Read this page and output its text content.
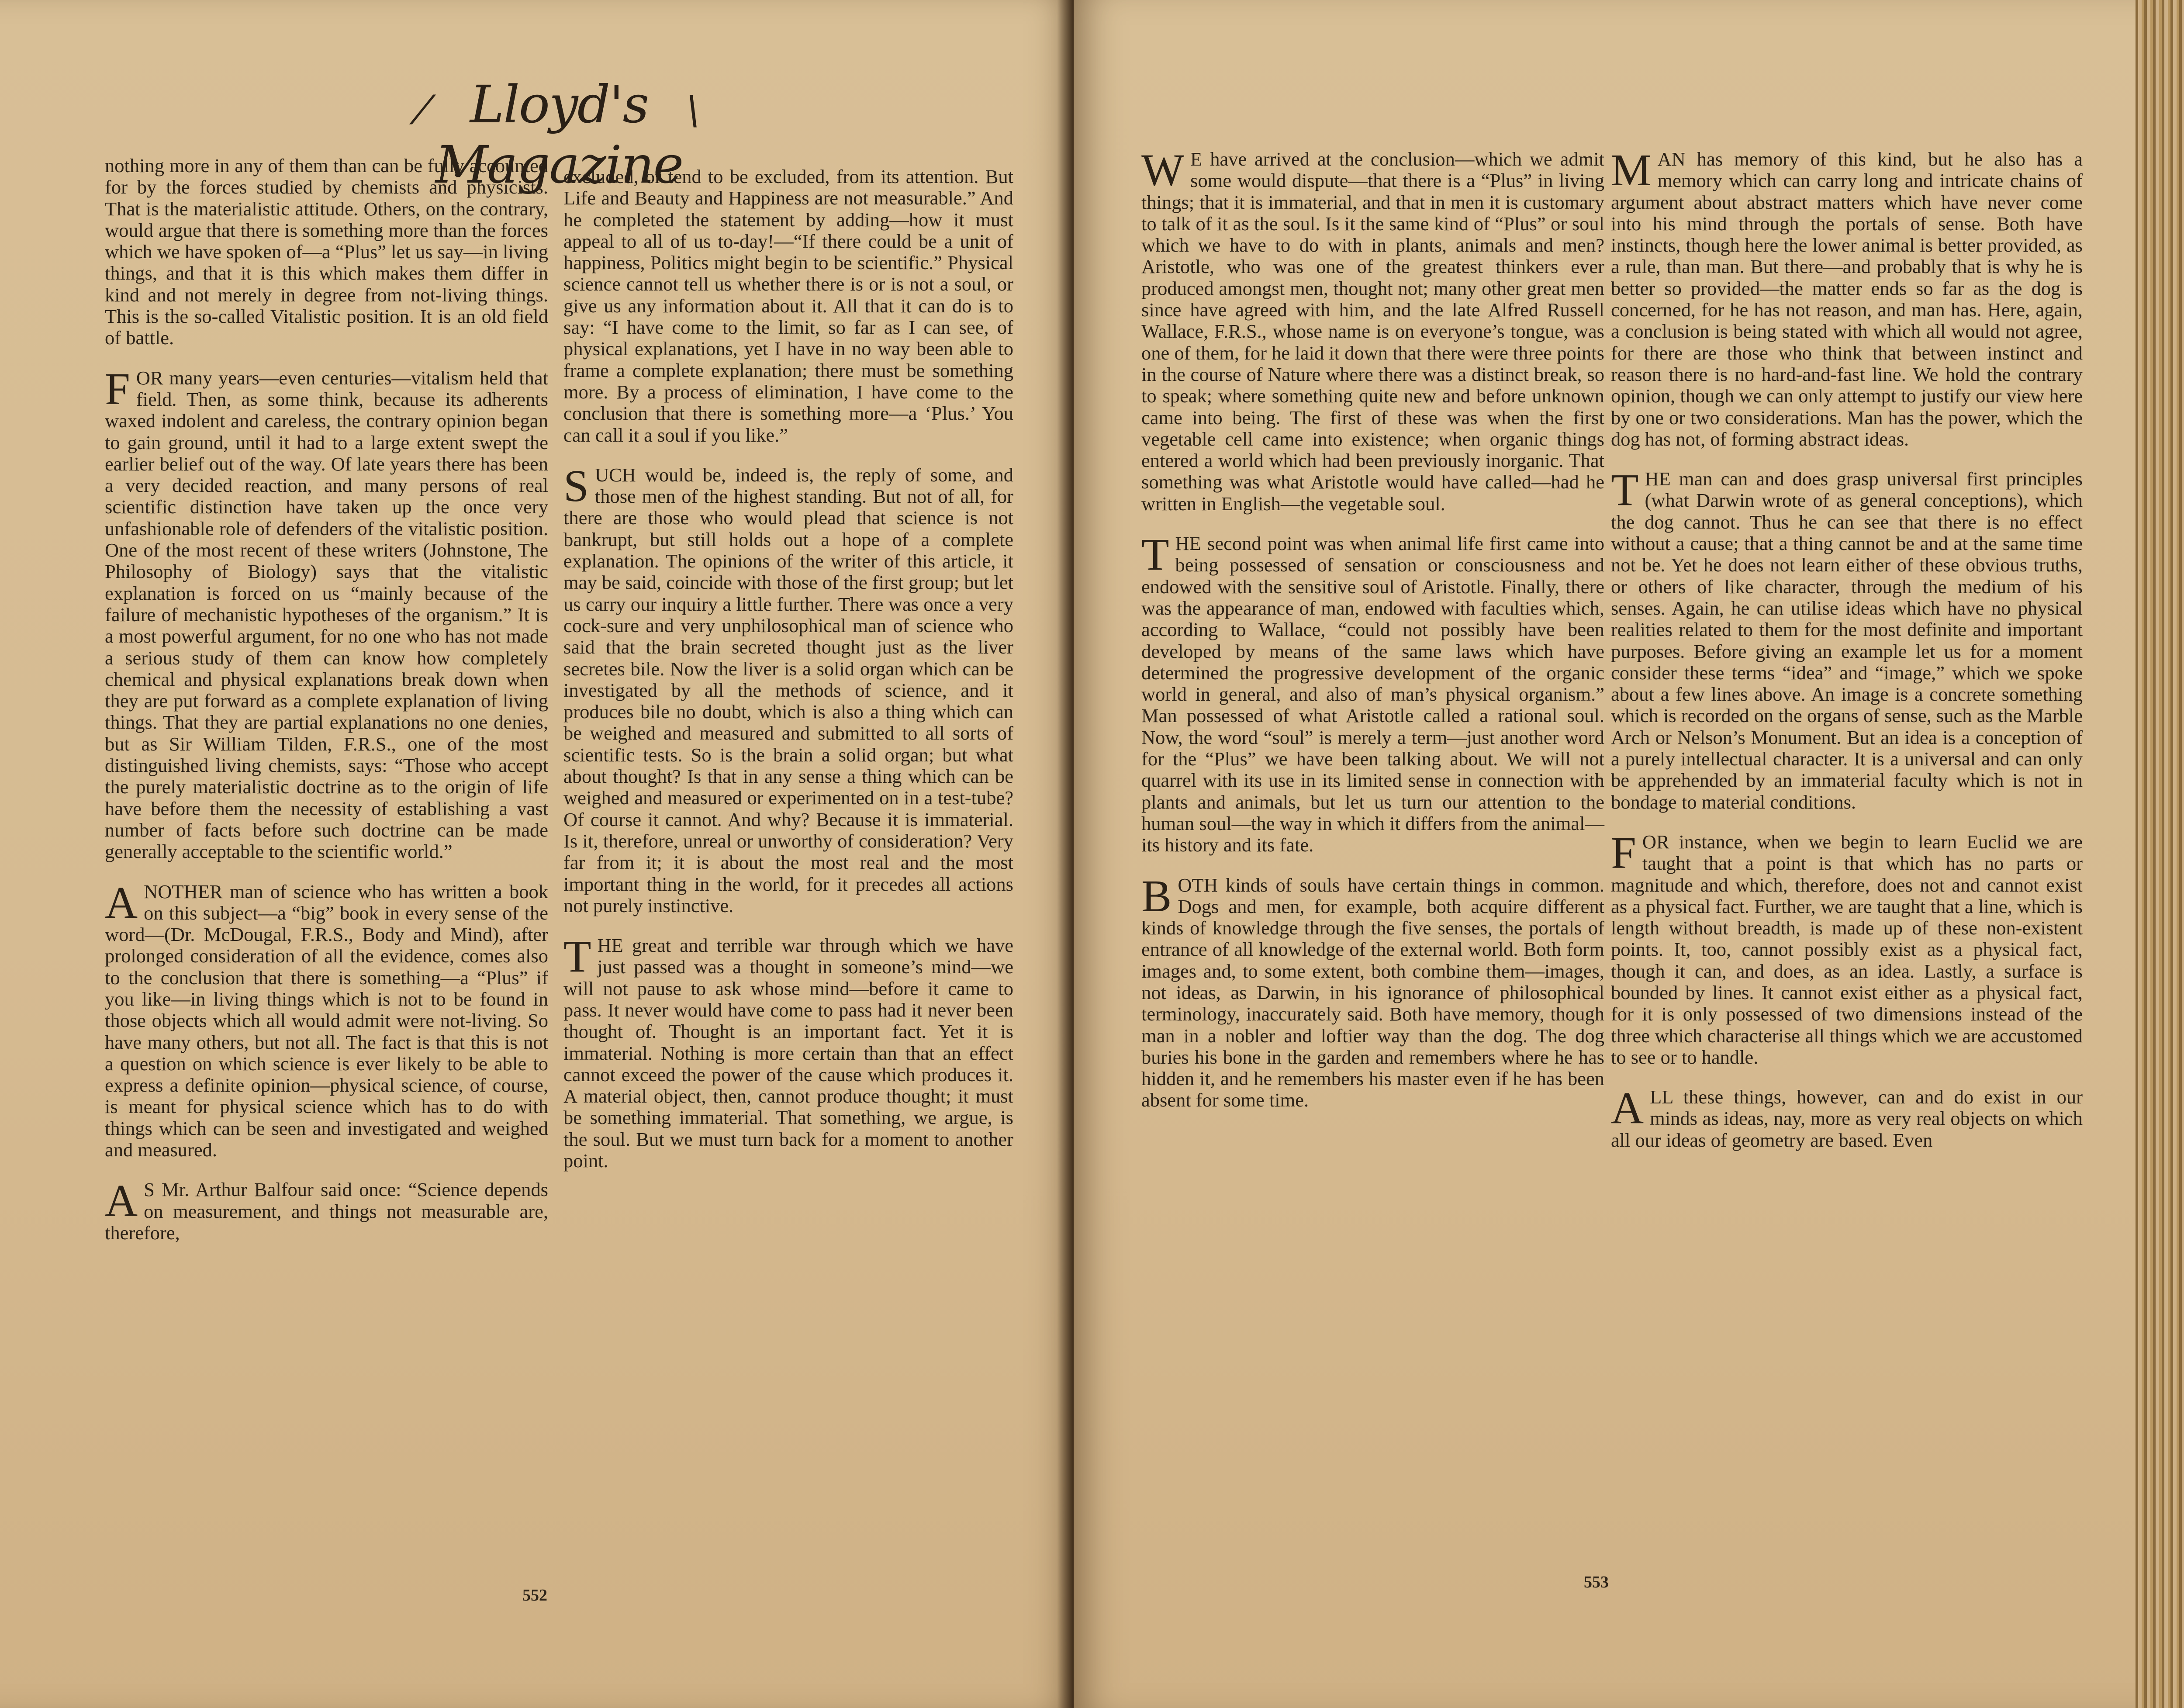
⁄ Lloyd's Magazine
\

nothing more in any of them than can be fully accounted for by the forces studied by chemists and physicists. That is the materialistic attitude. Others, on the contrary, would argue that there is something more than the forces which we have spoken of—a “Plus” let us say—in living things, and that it is this which makes them differ in kind and not merely in degree from not-living things. This is the so-called Vitalistic position. It is an old field of battle.

FOR many years—even centuries—vitalism held that field. Then, as some think, because its adherents waxed indolent and careless, the contrary opinion began to gain ground, until it had to a large extent swept the earlier belief out of the way. Of late years there has been a very decided reaction, and many persons of real scientific distinction have taken up the once very unfashionable role of defenders of the vitalistic position. One of the most recent of these writers (Johnstone, The Philosophy of Biology) says that the vitalistic explanation is forced on us “mainly because of the failure of mechanistic hypotheses of the organism.” It is a most powerful argument, for no one who has not made a serious study of them can know how completely chemical and physical explanations break down when they are put forward as a complete explanation of living things. That they are partial explanations no one denies, but as Sir William Tilden, F.R.S., one of the most distinguished living chemists, says: “Those who accept the purely materialistic doctrine as to the origin of life have before them the necessity of establishing a vast number of facts before such doctrine can be made generally acceptable to the scientific world.”

ANOTHER man of science who has written a book on this subject—a “big” book in every sense of the word—(Dr. McDougal, F.R.S., Body and Mind), after prolonged consideration of all the evidence, comes also to the conclusion that there is something—a “Plus” if you like—in living things which is not to be found in those objects which all would admit were not-living. So have many others, but not all. The fact is that this is not a question on which science is ever likely to be able to express a definite opinion—physical science, of course, is meant for physical science which has to do with things which can be seen and investigated and weighed and measured.

A S Mr. Arthur Balfour said once: “Science depends on measurement, and things not measurable are, therefore,

excluded, or tend to be excluded, from its attention. But Life and Beauty and Happiness are not measurable.” And he completed the statement by adding—how it must appeal to all of us to-day!—“If there could be a unit of happiness, Politics might begin to be scientific.” Physical science cannot tell us whether there is or is not a soul, or give us any information about it. All that it can do is to say: “I have come to the limit, so far as I can see, of physical explanations, yet I have in no way been able to frame a complete explanation; there must be something more. By a process of elimination, I have come to the conclusion that there is something more—a ‘Plus.’ You can call it a soul if you like.”

SUCH would be, indeed is, the reply of some, and those men of the highest standing. But not of all, for there are those who would plead that science is not bankrupt, but still holds out a hope of a complete explanation. The opinions of the writer of this article, it may be said, coincide with those of the first group; but let us carry our inquiry a little further. There was once a very cock-sure and very unphilosophical man of science who said that the brain secreted thought just as the liver secretes bile. Now the liver is a solid organ which can be investigated by all the methods of science, and it produces bile no doubt, which is also a thing which can be weighed and measured and submitted to all sorts of scientific tests. So is the brain a solid organ; but what about thought? Is that in any sense a thing which can be weighed and measured or experimented on in a test-tube? Of course it cannot. And why? Because it is immaterial. Is it, therefore, unreal or unworthy of consideration? Very far from it; it is about the most real and the most important thing in the world, for it precedes all actions not purely instinctive.

THE great and terrible war through which we have just passed was a thought in someone’s mind—we will not pause to ask whose mind—before it came to pass. It never would have come to pass had it never been thought of. Thought is an important fact. Yet it is immaterial. Nothing is more certain than that an effect cannot exceed the power of the cause which produces it. A material object, then, cannot produce thought; it must be something immaterial. That something, we argue, is the soul. But we must turn back for a moment to another point.

552

W E have arrived at the conclusion—which we admit some would dispute—that there is a “Plus” in living things; that it is immaterial, and that in men it is customary to talk of it as the soul. Is it the same kind of “Plus” or soul which we have to do with in plants, animals and men? Aristotle, who was one of the greatest thinkers ever produced amongst men, thought not; many other great men since have agreed with him, and the late Alfred Russell Wallace, F.R.S., whose name is on everyone’s tongue, was one of them, for he laid it down that there were three points in the course of Nature where there was a distinct break, so to speak; where something quite new and before unknown came into being. The first of these was when the first vegetable cell came into existence; when organic things entered a world which had been previously inorganic. That something was what Aristotle would have called—had he written in English—the vegetable soul.

THE second point was when animal life first came into being possessed of sensation or consciousness and endowed with the sensitive soul of Aristotle. Finally, there was the appearance of man, endowed with faculties which, according to Wallace, “could not possibly have been developed by means of the same laws which have determined the progressive development of the organic world in general, and also of man’s physical organism.” Man possessed of what Aristotle called a rational soul. Now, the word “soul” is merely a term—just another word for the “Plus” we have been talking about. We will not quarrel with its use in its limited sense in connection with plants and animals, but let us turn our attention to the human soul—the way in which it differs from the animal—its history and its fate.

BOTH kinds of souls have certain things in common. Dogs and men, for example, both acquire different kinds of knowledge through the five senses, the portals of entrance of all knowledge of the external world. Both form images and, to some extent, both combine them—images, not ideas, as Darwin, in his ignorance of philosophical terminology, inaccurately said. Both have memory, though man in a nobler and loftier way than the dog. The dog buries his bone in the garden and remembers where he has hidden it, and he remembers his master even if he has been absent for some time.

MAN has memory of this kind, but he also has a memory which can carry long and intricate chains of argument about abstract matters which have never come into his mind through the portals of sense. Both have instincts, though here the lower animal is better provided, as a rule, than man. But there—and probably that is why he is better so provided—the matter ends so far as the dog is concerned, for he has not reason, and man has. Here, again, a conclusion is being stated with which all would not agree, for there are those who think that between instinct and reason there is no hard-and-fast line. We hold the contrary opinion, though we can only attempt to justify our view here by one or two considerations. Man has the power, which the dog has not, of forming abstract ideas.

THE man can and does grasp universal first principles (what Darwin wrote of as general conceptions), which the dog cannot. Thus he can see that there is no effect without a cause; that a thing cannot be and at the same time not be. Yet he does not learn either of these obvious truths, or others of like character, through the medium of his senses. Again, he can utilise ideas which have no physical realities related to them for the most definite and important purposes. Before giving an example let us for a moment consider these terms “idea” and “image,” which we spoke about a few lines above. An image is a concrete something which is recorded on the organs of sense, such as the Marble Arch or Nelson’s Monument. But an idea is a conception of a purely intellectual character. It is a universal and can only be apprehended by an immaterial faculty which is not in bondage to material conditions.

FOR instance, when we begin to learn Euclid we are taught that a point is that which has no parts or magnitude and which, therefore, does not and cannot exist as a physical fact. Further, we are taught that a line, which is length without breadth, is made up of these non-existent points. It, too, cannot possibly exist as a physical fact, though it can, and does, as an idea. Lastly, a surface is bounded by lines. It cannot exist either as a physical fact, for it is only possessed of two dimensions instead of the three which characterise all things which we are accustomed to see or to handle.

ALL these things, however, can and do exist in our minds as ideas, nay, more as very real objects on which all our ideas of geometry are based. Even

553
